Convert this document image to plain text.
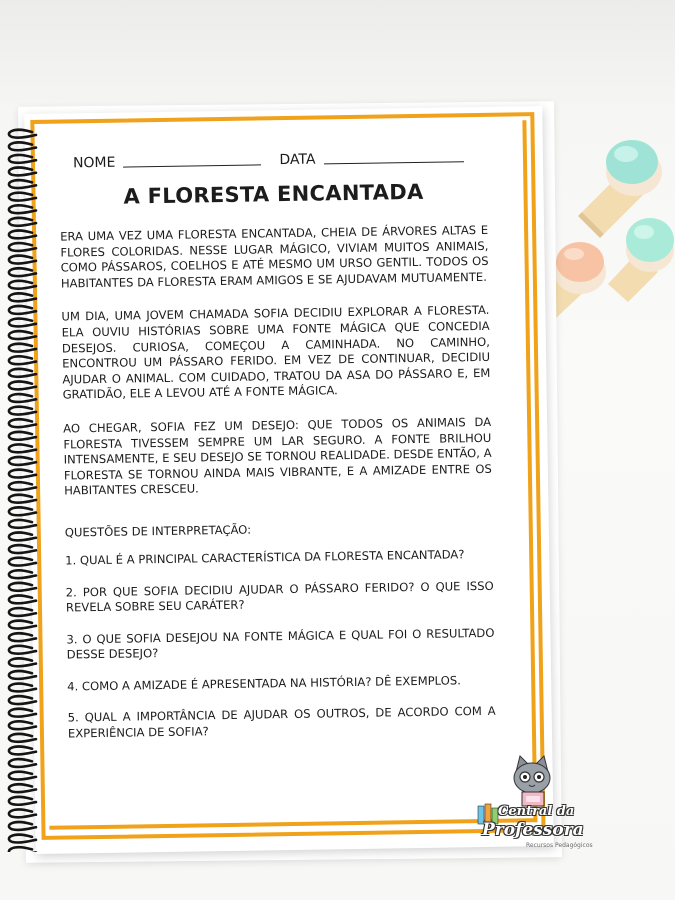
NOME	DATA
A FLORESTA ENCANTADA

ERA UMA VEZ UMA FLORESTA ENCANTADA, CHEIA DE ÁRVORES ALTAS E FLORES COLORIDAS. NESSE LUGAR MÁGICO, VIVIAM MUITOS ANIMAIS, COMO PÁSSAROS, COELHOS E ATÉ MESMO UM URSO GENTIL. TODOS OS HABITANTES DA FLORESTA ERAM AMIGOS E SE AJUDAVAM MUTUAMENTE.

UM DIA, UMA JOVEM CHAMADA SOFIA DECIDIU EXPLORAR A FLORESTA. ELA OUVIU HISTÓRIAS SOBRE UMA FONTE MÁGICA QUE CONCEDIA DESEJOS. CURIOSA, COMEÇOU A CAMINHADA. NO CAMINHO, ENCONTROU UM PÁSSARO FERIDO. EM VEZ DE CONTINUAR, DECIDIU AJUDAR O ANIMAL. COM CUIDADO, TRATOU DA ASA DO PÁSSARO E, EM GRATIDÃO, ELE A LEVOU ATÉ A FONTE MÁGICA.

AO CHEGAR, SOFIA FEZ UM DESEJO: QUE TODOS OS ANIMAIS DA FLORESTA TIVESSEM SEMPRE UM LAR SEGURO. A FONTE BRILHOU INTENSAMENTE, E SEU DESEJO SE TORNOU REALIDADE. DESDE ENTÃO, A FLORESTA SE TORNOU AINDA MAIS VIBRANTE, E A AMIZADE ENTRE OS HABITANTES CRESCEU.

QUESTÕES DE INTERPRETAÇÃO:

1. QUAL É A PRINCIPAL CARACTERÍSTICA DA FLORESTA ENCANTADA?

2. POR QUE SOFIA DECIDIU AJUDAR O PÁSSARO FERIDO? O QUE ISSO REVELA SOBRE SEU CARÁTER?

3. O QUE SOFIA DESEJOU NA FONTE MÁGICA E QUAL FOI O RESULTADO DESSE DESEJO?

4. COMO A AMIZADE É APRESENTADA NA HISTÓRIA? DÊ EXEMPLOS.

5. QUAL A IMPORTÂNCIA DE AJUDAR OS OUTROS, DE ACORDO COM A EXPERIÊNCIA DE SOFIA?

Central da
Professora
Recursos Pedagógicos
